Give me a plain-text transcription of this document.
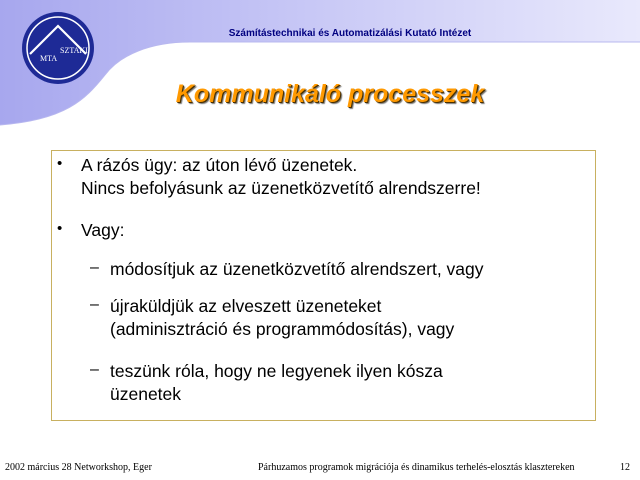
MTA
SZTAKI
Számítástechnikai és Automatizálási Kutató Intézet
Kommunikáló processzek
• A rázós ügy: az úton lévő üzenetek.
Nincs befolyásunk az üzenetközvetítő alrendszerre!
• Vagy:
– módosítjuk az üzenetközvetítő alrendszert, vagy
– újraküldjük az elveszett üzeneteket
(adminisztráció és programmódosítás), vagy
– teszünk róla, hogy ne legyenek ilyen kósza
üzenetek
2002 március 28 Networkshop, Eger	Párhuzamos programok migrációja és dinamikus terhelés-elosztás klasztereken	12
